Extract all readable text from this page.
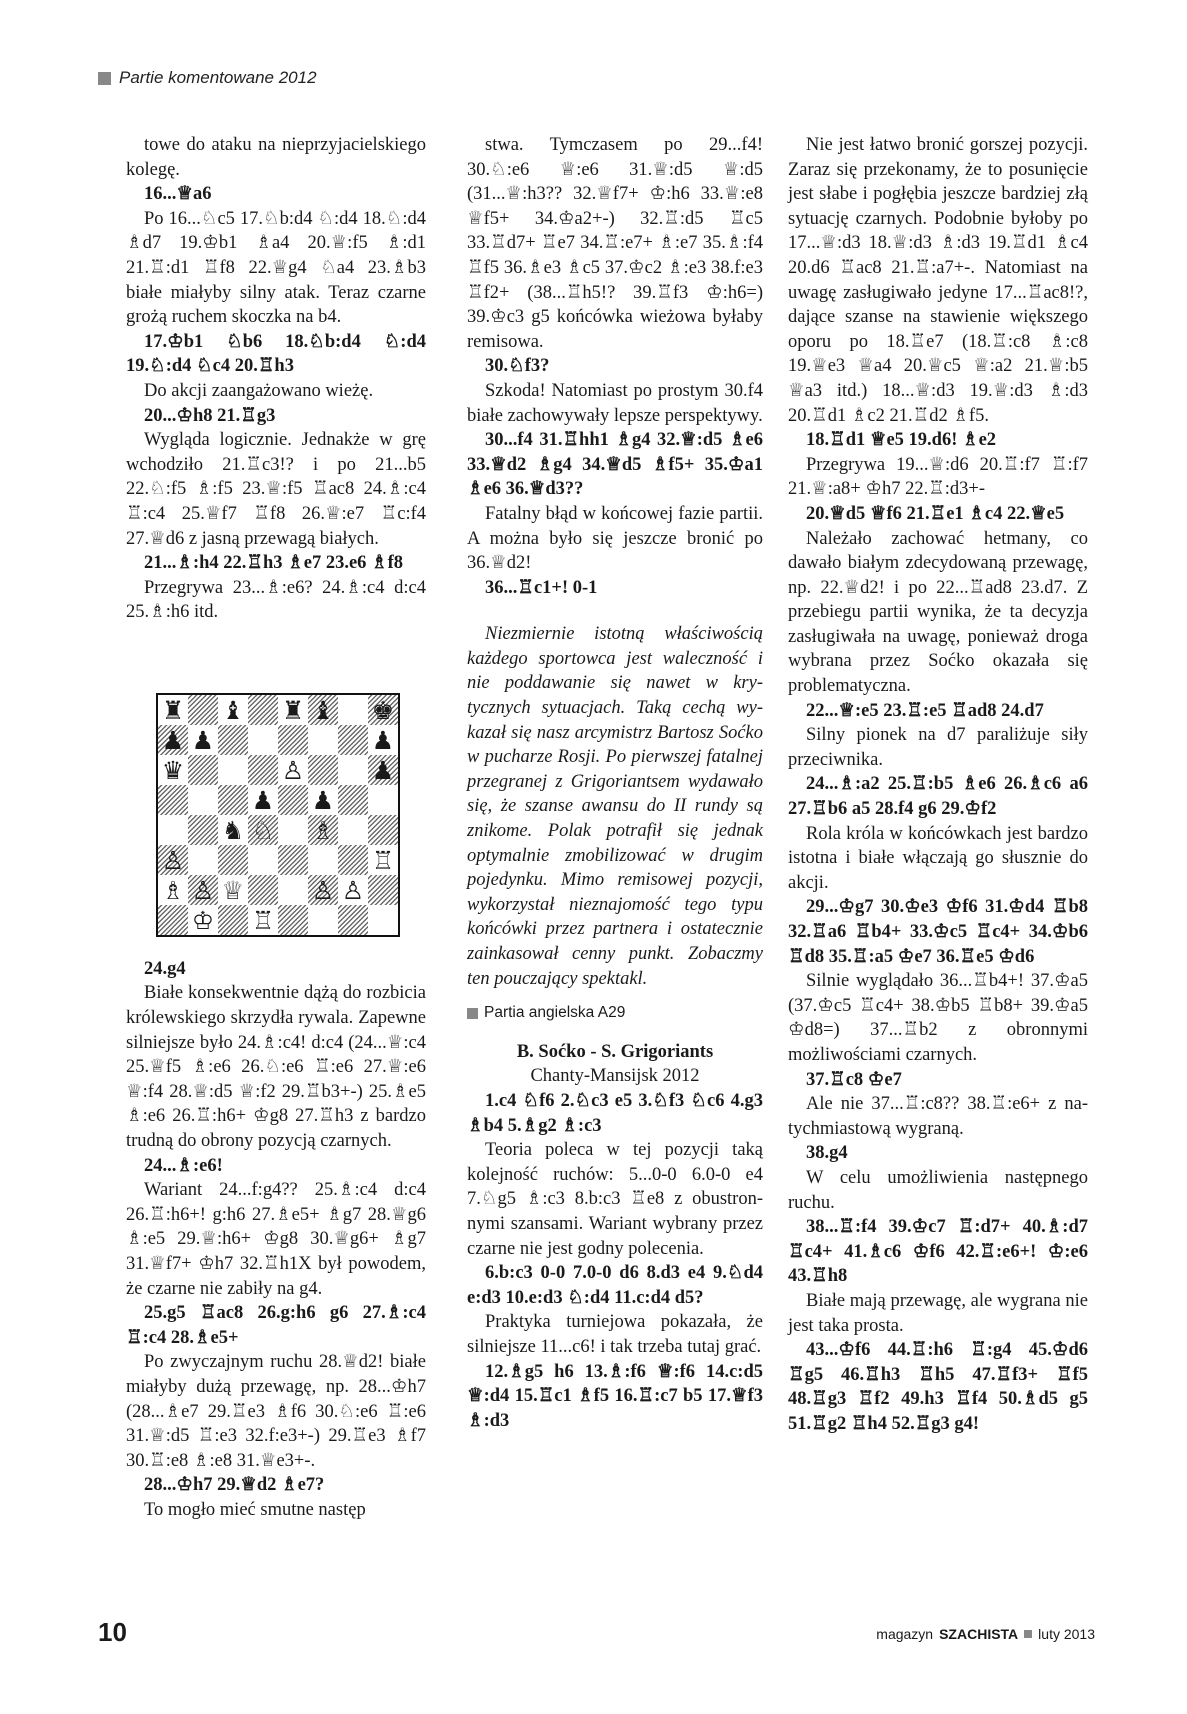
Partie komentowane 2012

towe do ataku na nieprzyjacielskiego kolegę.

16...♕a6

Po 16...♘c5 17.♘b:d4 ♘:d4 18.♘:d4 ♗d7 19.♔b1 ♗a4 20.♕:f5 ♗:d1 21.♖:d1 ♖f8 22.♕g4 ♘a4 23.♗b3 białe miałyby silny atak. Teraz czarne grożą ruchem skoczka na b4.

17.♔b1 ♘b6 18.♘b:d4 ♘:d4 19.♘:d4 ♘c4 20.♖h3

Do akcji zaangażowano wieżę.

20...♔h8 21.♖g3

Wygląda logicznie. Jednakże w grę wchodziło 21.♖c3!? i po 21...b5 22.♘:f5 ♗:f5 23.♕:f5 ♖ac8 24.♗:c4 ♖:c4 25.♕f7 ♖f8 26.♕:e7 ♖c:f4 27.♕d6 z jasną przewagą białych.

21...♗:h4 22.♖h3 ♗e7 23.e6 ♗f8

Przegrywa 23...♗:e6? 24.♗:c4 d:c4 25.♗:h6 itd.

24.g4

Białe konsekwentnie dążą do rozbicia królewskiego skrzydła rywala. Zapewne silniejsze było 24.♗:c4! d:c4 (24...♕:c4 25.♕f5 ♗:e6 26.♘:e6 ♖:e6 27.♕:e6 ♕:f4 28.♕:d5 ♕:f2 29.♖b3+-) 25.♗e5 ♗:e6 26.♖:h6+ ♔g8 27.♖h3 z bardzo trudną do obrony pozycją czarnych.

24...♗:e6!

Wariant 24...f:g4?? 25.♗:c4 d:c4 26.♖:h6+! g:h6 27.♗e5+ ♗g7 28.♕g6 ♗:e5 29.♕:h6+ ♔g8 30.♕g6+ ♗g7 31.♕f7+ ♔h7 32.♖h1X był powodem, że czarne nie zabiły na g4.

25.g5 ♖ac8 26.g:h6 g6 27.♗:c4 ♖:c4 28.♗e5+

Po zwyczajnym ruchu 28.♕d2! białe miałyby dużą przewagę, np. 28...♔h7 (28...♗e7 29.♖e3 ♗f6 30.♘:e6 ♖:e6 31.♕:d5 ♖:e3 32.f:e3+-) 29.♖e3 ♗f7 30.♖:e8 ♗:e8 31.♕e3+-.

28...♔h7 29.♕d2 ♗e7?

To mogło mieć smutne następ

stwa. Tymczasem po 29...f4! 30.♘:e6 ♕:e6 31.♕:d5 ♕:d5 (31...♕:h3?? 32.♕f7+ ♔:h6 33.♕:e8 ♕f5+ 34.♔a2+-) 32.♖:d5 ♖c5 33.♖d7+ ♖e7 34.♖:e7+ ♗:e7 35.♗:f4 ♖f5 36.♗e3 ♗c5 37.♔c2 ♗:e3 38.f:e3 ♖f2+ (38...♖h5!? 39.♖f3 ♔:h6=) 39.♔c3 g5 końcówka wieżowa byłaby remisowa.

30.♘f3?

Szkoda! Natomiast po prostym 30.f4 białe zachowywały lepsze perspektywy.

30...f4 31.♖hh1 ♗g4 32.♕:d5 ♗e6 33.♕d2 ♗g4 34.♕d5 ♗f5+ 35.♔a1 ♗e6 36.♕d3??

Fatalny błąd w końcowej fazie partii. A można było się jeszcze bronić po 36.♕d2!

36...♖c1+! 0-1

Niezmiernie istotną właściwością każdego sportowca jest waleczność i nie poddawanie się nawet w krytycznych sytuacjach. Taką cechą wykazał się nasz arcymistrz Bartosz Soćko w pucharze Rosji. Po pierwszej fatalnej przegranej z Grigoriantsem wydawało się, że szanse awansu do II rundy są znikome. Polak potrafił się jednak optymalnie zmobilizować w drugim pojedynku. Mimo remisowej pozycji, wykorzystał nieznajomość tego typu końcówki przez partnera i ostatecznie zainkasował cenny punkt. Zobaczmy ten pouczający spektakl.

Partia angielska A29

B. Soćko - S. Grigoriants

Chanty-Mansijsk 2012

1.c4 ♘f6 2.♘c3 e5 3.♘f3 ♘c6 4.g3 ♗b4 5.♗g2 ♗:c3

Teoria poleca w tej pozycji taką kolejność ruchów: 5...0-0 6.0-0 e4 7.♘g5 ♗:c3 8.b:c3 ♖e8 z obustronnymi szansami. Wariant wybrany przez czarne nie jest godny polecenia.

6.b:c3 0-0 7.0-0 d6 8.d3 e4 9.♘d4 e:d3 10.e:d3 ♘:d4 11.c:d4 d5?

Praktyka turniejowa pokazała, że silniejsze 11...c6! i tak trzeba tutaj grać.

12.♗g5 h6 13.♗:f6 ♕:f6 14.c:d5 ♕:d4 15.♖c1 ♗f5 16.♖:c7 b5 17.♕f3 ♗:d3

Nie jest łatwo bronić gorszej pozycji. Zaraz się przekonamy, że to posunięcie jest słabe i pogłębia jeszcze bardziej złą sytuację czarnych. Podobnie byłoby po 17...♕:d3 18.♕:d3 ♗:d3 19.♖d1 ♗c4 20.d6 ♖ac8 21.♖:a7+-. Natomiast na uwagę zasługiwało jedyne 17...♖ac8!?, dające szanse na stawienie większego oporu po 18.♖e7 (18.♖:c8 ♗:c8 19.♕e3 ♕a4 20.♕c5 ♕:a2 21.♕:b5 ♕a3 itd.) 18...♕:d3 19.♕:d3 ♗:d3 20.♖d1 ♗c2 21.♖d2 ♗f5.

18.♖d1 ♕e5 19.d6! ♗e2

Przegrywa 19...♕:d6 20.♖:f7 ♖:f7 21.♕:a8+ ♔h7 22.♖:d3+-

20.♕d5 ♕f6 21.♖e1 ♗c4 22.♕e5

Należało zachować hetmany, co dawało białym zdecydowaną przewagę, np. 22.♕d2! i po 22...♖ad8 23.d7. Z przebiegu partii wynika, że ta decyzja zasługiwała na uwagę, ponieważ droga wybrana przez Soćko okazała się problematyczna.

22...♕:e5 23.♖:e5 ♖ad8 24.d7

Silny pionek na d7 paraliżuje siły przeciwnika.

24...♗:a2 25.♖:b5 ♗e6 26.♗c6 a6 27.♖b6 a5 28.f4 g6 29.♔f2

Rola króla w końcówkach jest bardzo istotna i białe włączają go słusznie do akcji.

29...♔g7 30.♔e3 ♔f6 31.♔d4 ♖b8 32.♖a6 ♖b4+ 33.♔c5 ♖c4+ 34.♔b6 ♖d8 35.♖:a5 ♔e7 36.♖e5 ♔d6

Silnie wyglądało 36...♖b4+! 37.♔a5 (37.♔c5 ♖c4+ 38.♔b5 ♖b8+ 39.♔a5 ♔d8=) 37...♖b2 z obronnymi możliwościami czarnych.

37.♖c8 ♔e7

Ale nie 37...♖:c8?? 38.♖:e6+ z natychmiastową wygraną.

38.g4

W celu umożliwienia następnego ruchu.

38...♖:f4 39.♔c7 ♖:d7+ 40.♗:d7 ♖c4+ 41.♗c6 ♔f6 42.♖:e6+! ♔:e6 43.♖h8

Białe mają przewagę, ale wygrana nie jest taka prosta.

43...♔f6 44.♖:h6 ♖:g4 45.♔d6 ♖g5 46.♖h3 ♖h5 47.♖f3+ ♖f5 48.♖g3 ♖f2 49.h3 ♖f4 50.♗d5 g5 51.♖g2 ♖h4 52.♖g3 g4!

♜ ♝ ♜ ♝ ♚
♟ ♟	♟
♛	♙	♟
♟ ♟
♞ ♘ ♗
♙	♖
♗ ♙ ♕	♙ ♙
♔ ♖
10	magazyn SZACHISTA luty 2013
